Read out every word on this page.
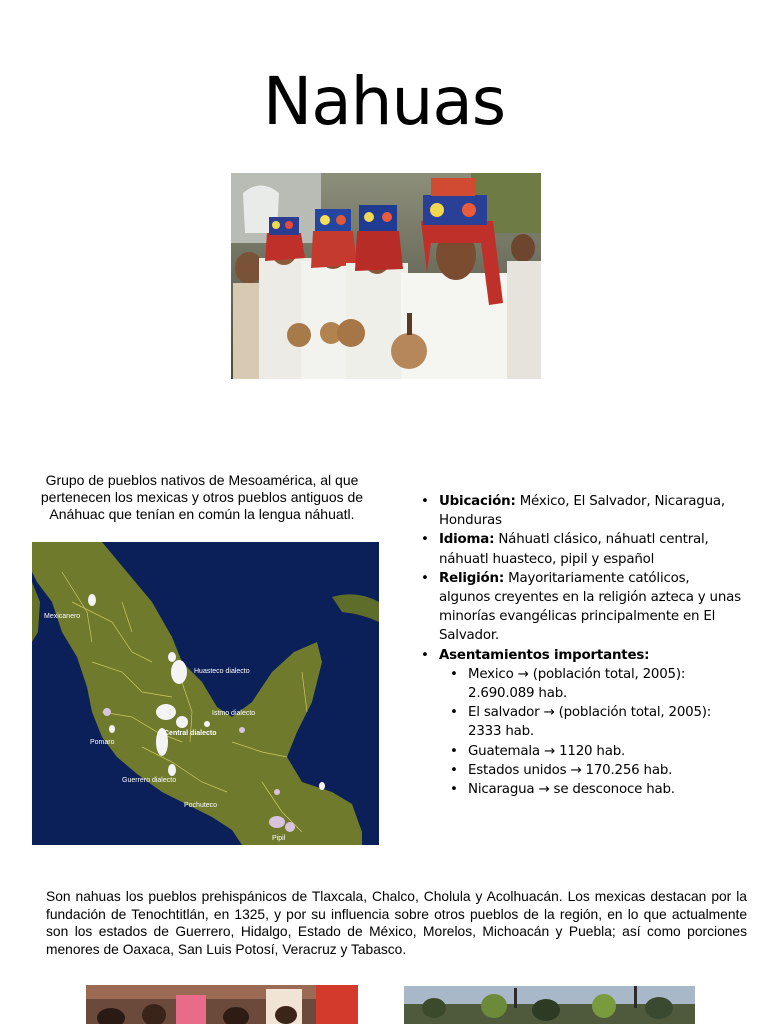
Nahuas
Grupo de pueblos nativos de Mesoamérica, al que pertenecen los mexicas y otros pueblos antiguos de Anáhuac que tenían en común la lengua náhuatl.
Mexicanero
Huasteco dialecto
Istmo dialecto
Central dialecto
Pomaro
Guerrero dialecto
Pochuteco
Pipil
• Ubicación: México, El Salvador, Nicaragua, Honduras
• Idioma: Náhuatl clásico, náhuatl central, náhuatl huasteco, pipil y español
• Religión: Mayoritariamente católicos, algunos creyentes en la religión azteca y unas minorías evangélicas principalmente en El Salvador.
• Asentamientos importantes:
• Mexico → (población total, 2005): 2.690.089 hab.
• El salvador → (población total, 2005): 2333 hab.
• Guatemala → 1120 hab.
• Estados unidos → 170.256 hab.
• Nicaragua → se desconoce hab.
Son nahuas los pueblos prehispánicos de Tlaxcala, Chalco, Cholula y Acolhuacán. Los mexicas destacan por la fundación de Tenochtitlán, en 1325, y por su influencia sobre otros pueblos de la región, en lo que actualmente son los estados de Guerrero, Hidalgo, Estado de México, Morelos, Michoacán y Puebla; así como porciones menores de Oaxaca, San Luis Potosí, Veracruz y Tabasco.
